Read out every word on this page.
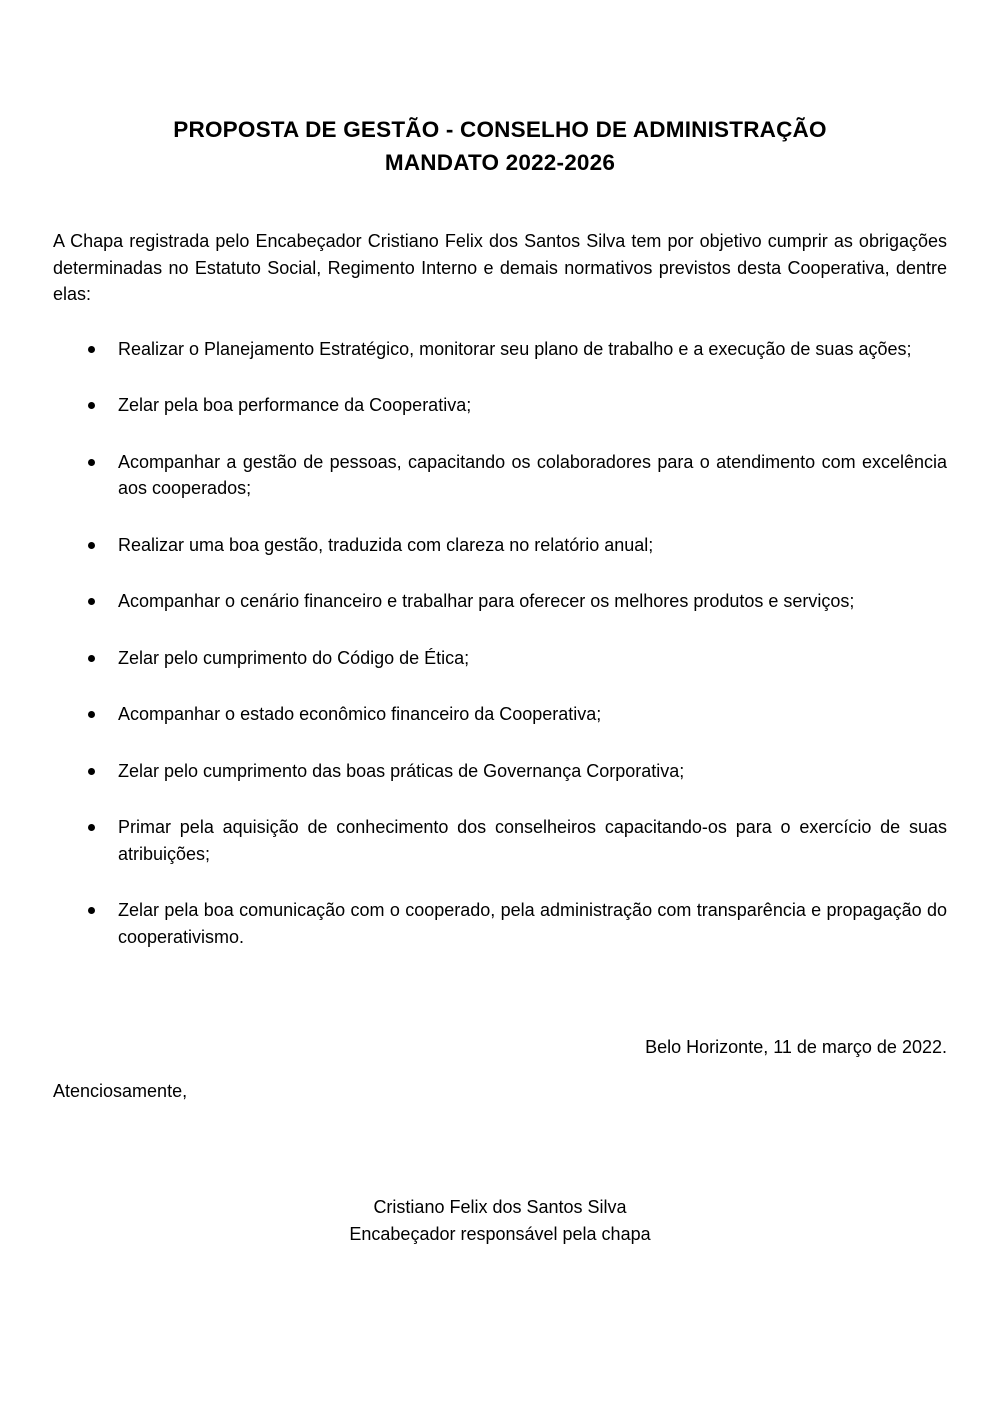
PROPOSTA DE GESTÃO - CONSELHO DE ADMINISTRAÇÃO
MANDATO 2022-2026

A Chapa registrada pelo Encabeçador Cristiano Felix dos Santos Silva tem por objetivo cumprir as obrigações determinadas no Estatuto Social, Regimento Interno e demais normativos previstos desta Cooperativa, dentre elas:

Realizar o Planejamento Estratégico, monitorar seu plano de trabalho e a execução de suas ações;
Zelar pela boa performance da Cooperativa;
Acompanhar a gestão de pessoas, capacitando os colaboradores para o atendimento com excelência aos cooperados;
Realizar uma boa gestão, traduzida com clareza no relatório anual;
Acompanhar o cenário financeiro e trabalhar para oferecer os melhores produtos e serviços;
Zelar pelo cumprimento do Código de Ética;
Acompanhar o estado econômico financeiro da Cooperativa;
Zelar pelo cumprimento das boas práticas de Governança Corporativa;
Primar pela aquisição de conhecimento dos conselheiros capacitando-os para o exercício de suas atribuições;
Zelar pela boa comunicação com o cooperado, pela administração com transparência e propagação do cooperativismo.
Belo Horizonte, 11 de março de 2022.
Atenciosamente,
Cristiano Felix dos Santos Silva
Encabeçador responsável pela chapa
